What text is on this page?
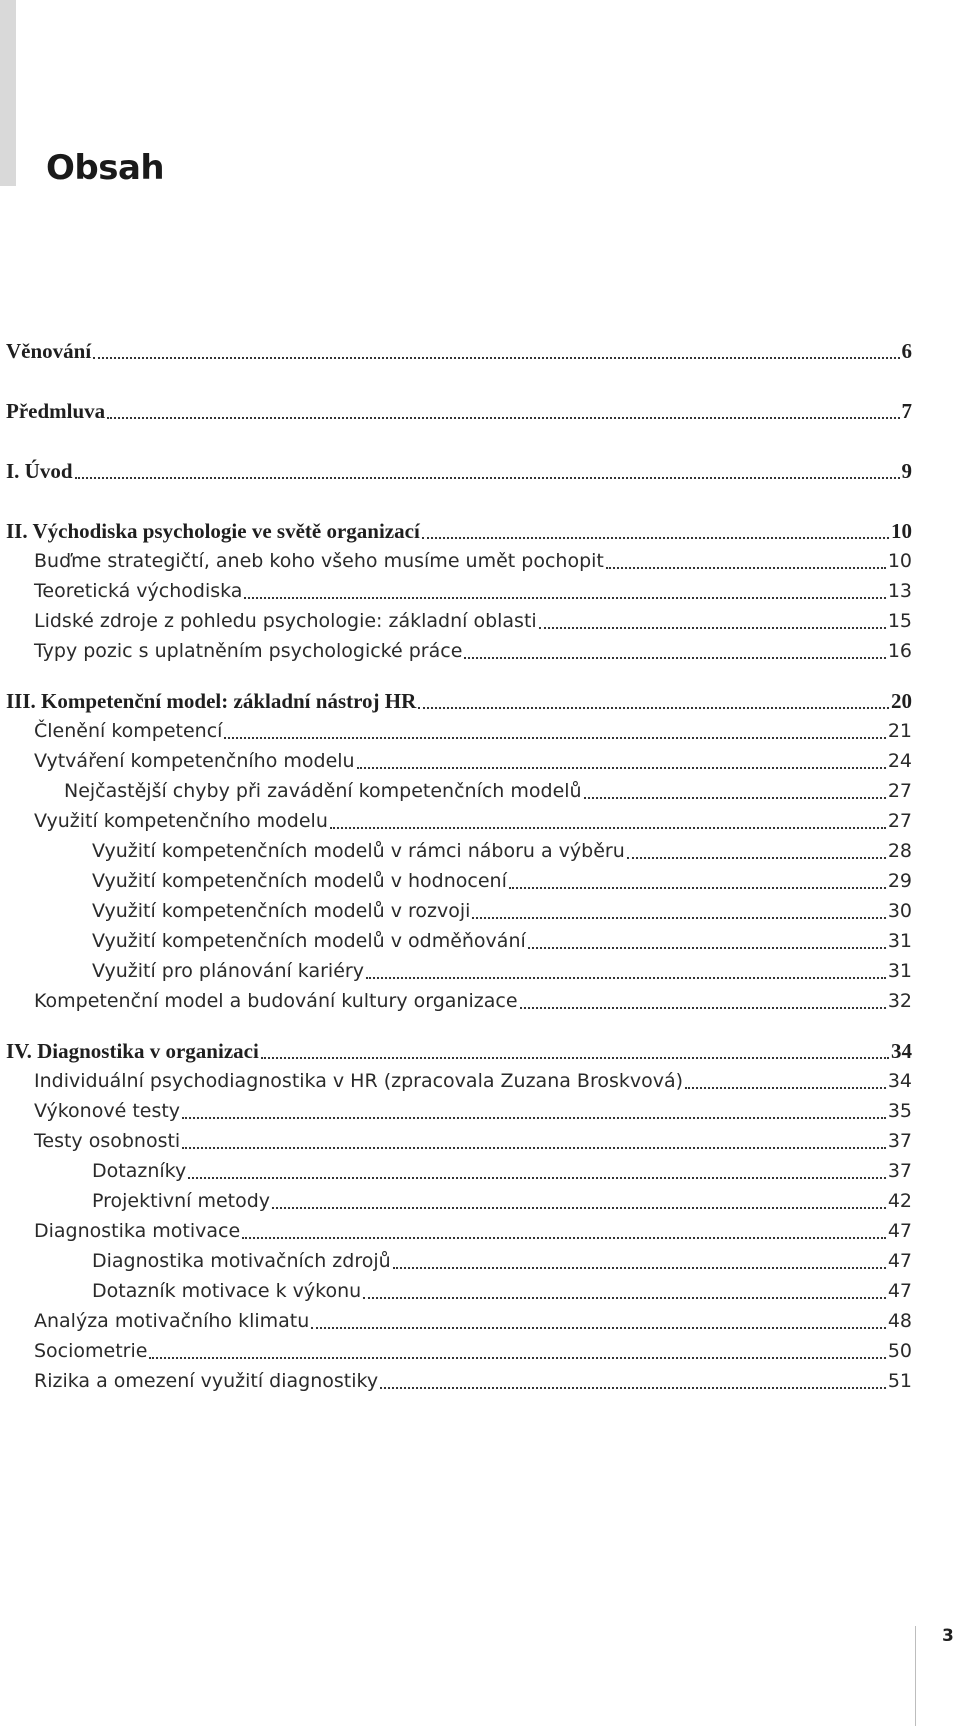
Obsah
Věnování	6
Předmluva	7
I. Úvod	9
II. Východiska psychologie ve světě organizací	10
Buďme strategičtí, aneb koho všeho musíme umět pochopit	10
Teoretická východiska	13
Lidské zdroje z pohledu psychologie: základní oblasti	15
Typy pozic s uplatněním psychologické práce	16
III. Kompetenční model: základní nástroj HR	20
Členění kompetencí	21
Vytváření kompetenčního modelu	24
Nejčastější chyby při zavádění kompetenčních modelů	27
Využití kompetenčního modelu	27
Využití kompetenčních modelů v rámci náboru a výběru	28
Využití kompetenčních modelů v hodnocení	29
Využití kompetenčních modelů v rozvoji	30
Využití kompetenčních modelů v odměňování	31
Využití pro plánování kariéry	31
Kompetenční model a budování kultury organizace	32
IV. Diagnostika v organizaci	34
Individuální psychodiagnostika v HR (zpracovala Zuzana Broskvová)	34
Výkonové testy	35
Testy osobnosti	37
Dotazníky	37
Projektivní metody	42
Diagnostika motivace	47
Diagnostika motivačních zdrojů	47
Dotazník motivace k výkonu	47
Analýza motivačního klimatu	48
Sociometrie	50
Rizika a omezení využití diagnostiky	51
3
